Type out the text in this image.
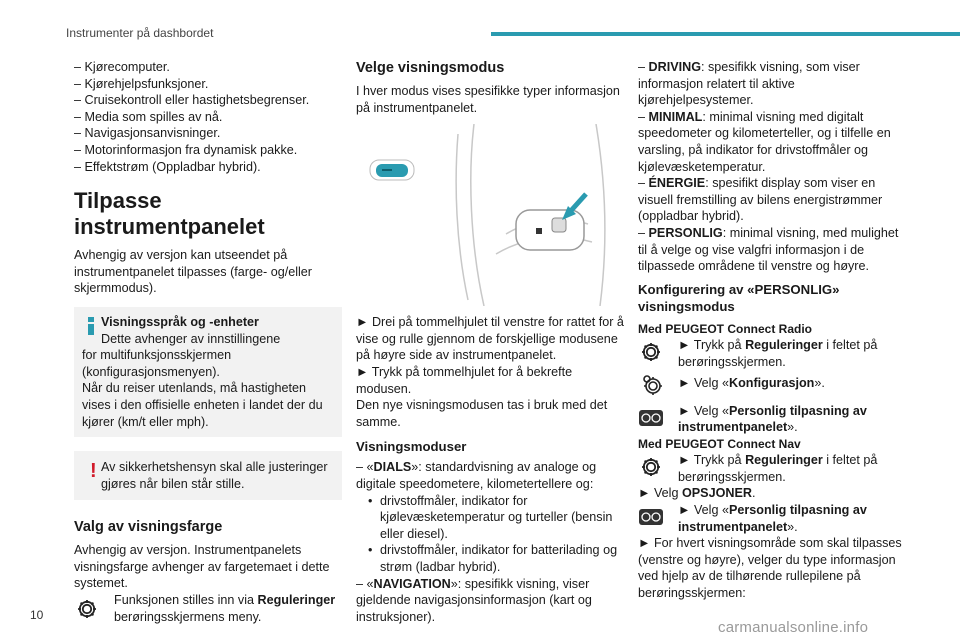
Instrumenter på dashbordet
– Kjørecomputer.
– Kjørehjelpsfunksjoner.
– Cruisekontroll eller hastighetsbegrenser.
– Media som spilles av nå.
– Navigasjonsanvisninger.
– Motorinformasjon fra dynamisk pakke.
– Effektstrøm (Oppladbar hybrid).
Tilpasse instrumentpanelet

Avhengig av versjon kan utseendet på instrumentpanelet tilpasses (farge- og/eller skjermmodus).

Visningsspråk og -enheter

Dette avhenger av innstillingene

for multifunksjonsskjermen (konfigurasjonsmenyen).

Når du reiser utenlands, må hastigheten vises i den offisielle enheten i landet der du kjører (km/t eller mph).

! Av sikkerhetshensyn skal alle justeringer gjøres når bilen står stille.

Valg av visningsfarge

Avhengig av versjon. Instrumentpanelets visningsfarge avhenger av fargetemaet i dette systemet.

Funksjonen stilles inn via Reguleringer berøringsskjermens meny.

Velge visningsmodus

I hver modus vises spesifikke typer informasjon på instrumentpanelet.

► Drei på tommelhjulet til venstre for rattet for å vise og rulle gjennom de forskjellige modusene på høyre side av instrumentpanelet.

► Trykk på tommelhjulet for å bekrefte modusen.

Den nye visningsmodusen tas i bruk med det samme.

Visningsmoduser

– «DIALS»: standardvisning av analoge og digitale speedometere, kilometertellere og:

• drivstoffmåler, indikator for kjølevæsketemperatur og turteller (bensin eller diesel).
• drivstoffmåler, indikator for batterilading og strøm (ladbar hybrid).

– «NAVIGATION»: spesifikk visning, viser gjeldende navigasjonsinformasjon (kart og instruksjoner).

– DRIVING: spesifikk visning, som viser informasjon relatert til aktive kjørehjelpesystemer.

– MINIMAL: minimal visning med digitalt speedometer og kilometerteller, og i tilfelle en varsling, på indikator for drivstoffmåler og kjølevæsketemperatur.

– ÉNERGIE: spesifikt display som viser en visuell fremstilling av bilens energistrømmer (oppladbar hybrid).

– PERSONLIG: minimal visning, med mulighet til å velge og vise valgfri informasjon i de tilpassede områdene til venstre og høyre.

Konfigurering av «PERSONLIG» visningsmodus

Med PEUGEOT Connect Radio

► Trykk på Reguleringer i feltet på berøringsskjermen.

► Velg «Konfigurasjon».

► Velg «Personlig tilpasning av instrumentpanelet».

Med PEUGEOT Connect Nav

► Trykk på Reguleringer i feltet på berøringsskjermen.

► Velg OPSJONER.

► Velg «Personlig tilpasning av instrumentpanelet».

► For hvert visningsområde som skal tilpasses (venstre og høyre), velger du type informasjon ved hjelp av de tilhørende rullepilene på berøringsskjermen:

10
carmanualsonline.info
